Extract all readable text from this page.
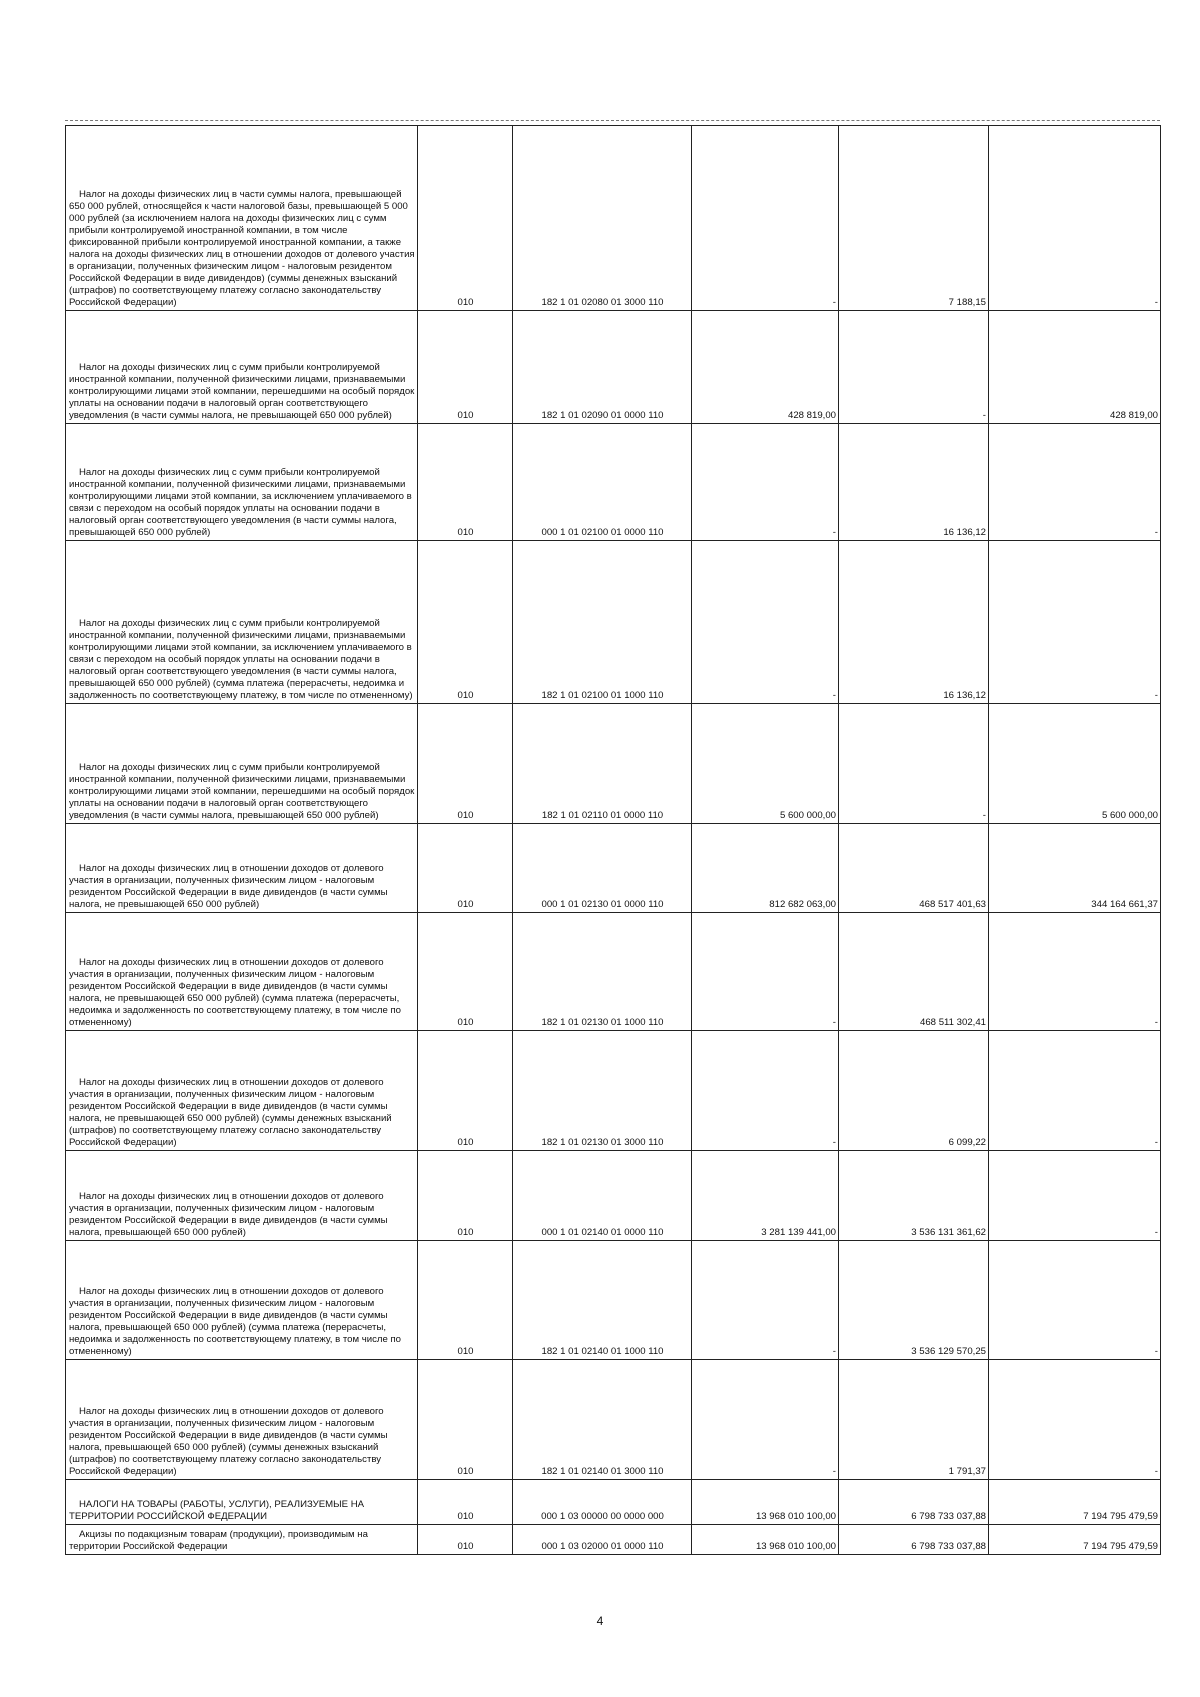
Налог на доходы физических лиц в части суммы налога, превышающей 650 000 рублей, относящейся к части налоговой базы, превышающей 5 000 000 рублей (за исключением налога на доходы физических лиц с сумм прибыли контролируемой иностранной компании, в том числе фиксированной прибыли контролируемой иностранной компании, а также налога на доходы физических лиц в отношении доходов от долевого участия в организации, полученных физическим лицом - налоговым резидентом Российской Федерации в виде дивидендов) (суммы денежных взысканий (штрафов) по соответствующему платежу согласно законодательству Российской Федерации)	010	182 1 01 02080 01 3000 110	-	7 188,15	-

Налог на доходы физических лиц с сумм прибыли контролируемой иностранной компании, полученной физическими лицами, признаваемыми контролирующими лицами этой компании, перешедшими на особый порядок уплаты на основании подачи в налоговый орган соответствующего уведомления (в части суммы налога, не превышающей 650 000 рублей)	010	182 1 01 02090 01 0000 110	428 819,00	-	428 819,00

Налог на доходы физических лиц с сумм прибыли контролируемой иностранной компании, полученной физическими лицами, признаваемыми контролирующими лицами этой компании, за исключением уплачиваемого в связи с переходом на особый порядок уплаты на основании подачи в налоговый орган соответствующего уведомления (в части суммы налога, превышающей 650 000 рублей)	010	000 1 01 02100 01 0000 110	-	16 136,12	-

Налог на доходы физических лиц с сумм прибыли контролируемой иностранной компании, полученной физическими лицами, признаваемыми контролирующими лицами этой компании, за исключением уплачиваемого в связи с переходом на особый порядок уплаты на основании подачи в налоговый орган соответствующего уведомления (в части суммы налога, превышающей 650 000 рублей) (сумма платежа (перерасчеты, недоимка и задолженность по соответствующему платежу, в том числе по отмененному)	010	182 1 01 02100 01 1000 110	-	16 136,12	-

Налог на доходы физических лиц с сумм прибыли контролируемой иностранной компании, полученной физическими лицами, признаваемыми контролирующими лицами этой компании, перешедшими на особый порядок уплаты на основании подачи в налоговый орган соответствующего уведомления (в части суммы налога, превышающей 650 000 рублей)	010	182 1 01 02110 01 0000 110	5 600 000,00	-	5 600 000,00

Налог на доходы физических лиц в отношении доходов от долевого участия в организации, полученных физическим лицом - налоговым резидентом Российской Федерации в виде дивидендов (в части суммы налога, не превышающей 650 000 рублей)	010	000 1 01 02130 01 0000 110	812 682 063,00	468 517 401,63	344 164 661,37

Налог на доходы физических лиц в отношении доходов от долевого участия в организации, полученных физическим лицом - налоговым резидентом Российской Федерации в виде дивидендов (в части суммы налога, не превышающей 650 000 рублей) (сумма платежа (перерасчеты, недоимка и задолженность по соответствующему платежу, в том числе по отмененному)	010	182 1 01 02130 01 1000 110	-	468 511 302,41	-

Налог на доходы физических лиц в отношении доходов от долевого участия в организации, полученных физическим лицом - налоговым резидентом Российской Федерации в виде дивидендов (в части суммы налога, не превышающей 650 000 рублей) (суммы денежных взысканий (штрафов) по соответствующему платежу согласно законодательству Российской Федерации)	010	182 1 01 02130 01 3000 110	-	6 099,22	-

Налог на доходы физических лиц в отношении доходов от долевого участия в организации, полученных физическим лицом - налоговым резидентом Российской Федерации в виде дивидендов (в части суммы налога, превышающей 650 000 рублей)	010	000 1 01 02140 01 0000 110	3 281 139 441,00	3 536 131 361,62	-

Налог на доходы физических лиц в отношении доходов от долевого участия в организации, полученных физическим лицом - налоговым резидентом Российской Федерации в виде дивидендов (в части суммы налога, превышающей 650 000 рублей) (сумма платежа (перерасчеты, недоимка и задолженность по соответствующему платежу, в том числе по отмененному)	010	182 1 01 02140 01 1000 110	-	3 536 129 570,25	-

Налог на доходы физических лиц в отношении доходов от долевого участия в организации, полученных физическим лицом - налоговым резидентом Российской Федерации в виде дивидендов (в части суммы налога, превышающей 650 000 рублей) (суммы денежных взысканий (штрафов) по соответствующему платежу согласно законодательству Российской Федерации)	010	182 1 01 02140 01 3000 110	-	1 791,37	-

НАЛОГИ НА ТОВАРЫ (РАБОТЫ, УСЛУГИ), РЕАЛИЗУЕМЫЕ НА ТЕРРИТОРИИ РОССИЙСКОЙ ФЕДЕРАЦИИ	010	000 1 03 00000 00 0000 000	13 968 010 100,00	6 798 733 037,88	7 194 795 479,59

Акцизы по подакцизным товарам (продукции), производимым на территории Российской Федерации	010	000 1 03 02000 01 0000 110	13 968 010 100,00	6 798 733 037,88	7 194 795 479,59
4
